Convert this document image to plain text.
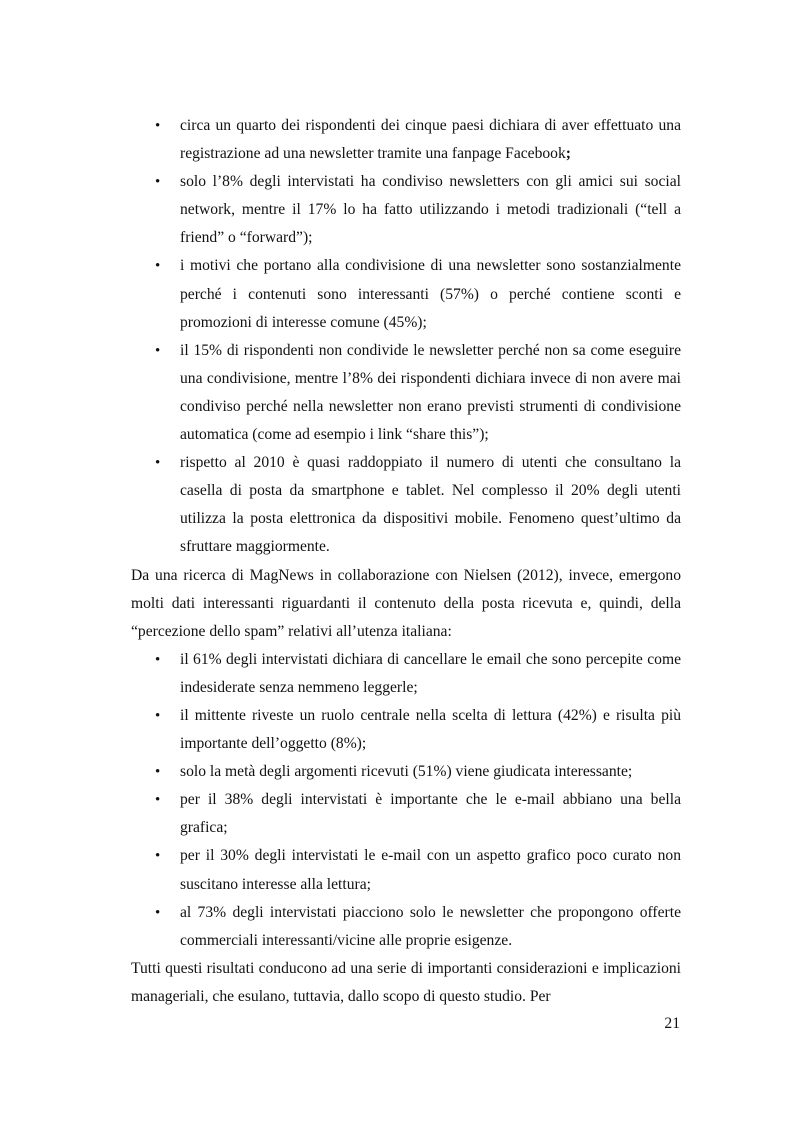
• circa un quarto dei rispondenti dei cinque paesi dichiara di aver effettuato una registrazione ad una newsletter tramite una fanpage Facebook;
• solo l’8% degli intervistati ha condiviso newsletters con gli amici sui social network, mentre il 17% lo ha fatto utilizzando i metodi tradizionali (“tell a friend” o “forward”);
• i motivi che portano alla condivisione di una newsletter sono sostanzialmente perché i contenuti sono interessanti (57%) o perché contiene sconti e promozioni di interesse comune (45%);
• il 15% di rispondenti non condivide le newsletter perché non sa come eseguire una condivisione, mentre l’8% dei rispondenti dichiara invece di non avere mai condiviso perché nella newsletter non erano previsti strumenti di condivisione automatica (come ad esempio i link “share this”);
• rispetto al 2010 è quasi raddoppiato il numero di utenti che consultano la casella di posta da smartphone e tablet. Nel complesso il 20% degli utenti utilizza la posta elettronica da dispositivi mobile. Fenomeno quest’ultimo da sfruttare maggiormente.

Da una ricerca di MagNews in collaborazione con Nielsen (2012), invece, emergono molti dati interessanti riguardanti il contenuto della posta ricevuta e, quindi, della “percezione dello spam” relativi all’utenza italiana:

• il 61% degli intervistati dichiara di cancellare le email che sono percepite come indesiderate senza nemmeno leggerle;
• il mittente riveste un ruolo centrale nella scelta di lettura (42%) e risulta più importante dell’oggetto (8%);
• solo la metà degli argomenti ricevuti (51%) viene giudicata interessante;
• per il 38% degli intervistati è importante che le e-mail abbiano una bella grafica;
• per il 30% degli intervistati le e-mail con un aspetto grafico poco curato non suscitano interesse alla lettura;
• al 73% degli intervistati piacciono solo le newsletter che propongono offerte commerciali interessanti/vicine alle proprie esigenze.

Tutti questi risultati conducono ad una serie di importanti considerazioni e implicazioni manageriali, che esulano, tuttavia, dallo scopo di questo studio. Per

21
